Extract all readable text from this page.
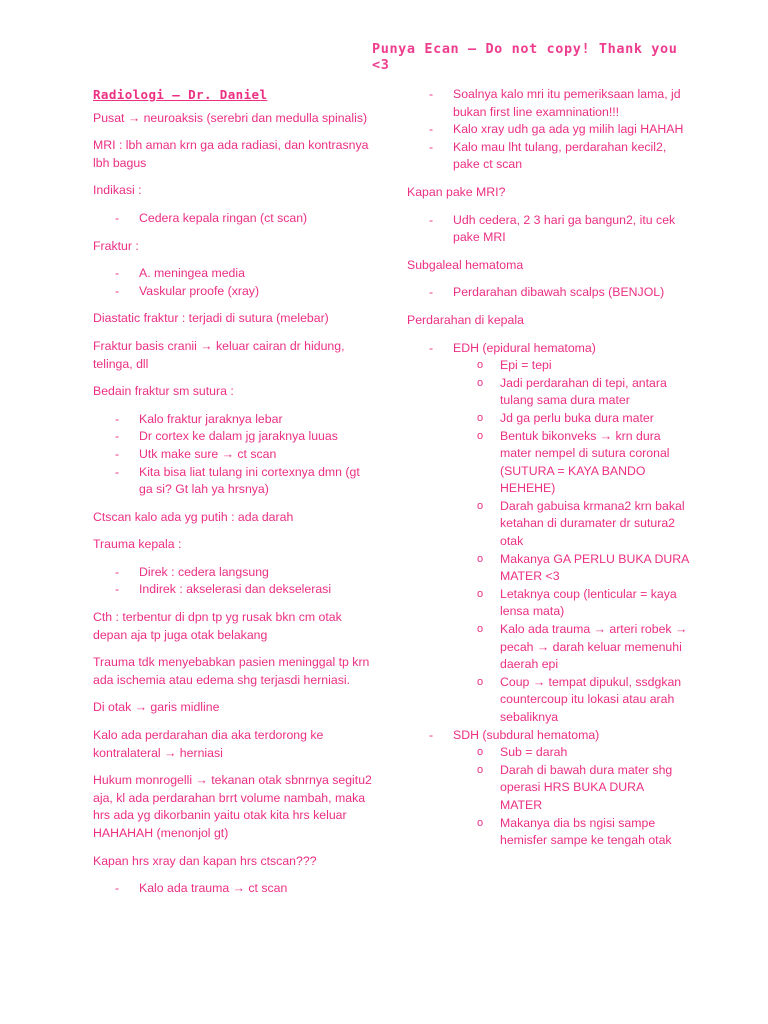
Punya Ecan – Do not copy! Thank you <3
Radiologi – Dr. Daniel

Pusat → neuroaksis (serebri dan medulla spinalis)

MRI : lbh aman krn ga ada radiasi, dan kontrasnya lbh bagus

Indikasi :

- Cedera kepala ringan (ct scan)

Fraktur :

- A. meningea media
- Vaskular proofe (xray)

Diastatic fraktur : terjadi di sutura (melebar)

Fraktur basis cranii → keluar cairan dr hidung, telinga, dll

Bedain fraktur sm sutura :

- Kalo fraktur jaraknya lebar
- Dr cortex ke dalam jg jaraknya luuas
- Utk make sure → ct scan
- Kita bisa liat tulang ini cortexnya dmn (gt ga si? Gt lah ya hrsnya)

Ctscan kalo ada yg putih : ada darah

Trauma kepala :

- Direk : cedera langsung
- Indirek : akselerasi dan dekselerasi

Cth : terbentur di dpn tp yg rusak bkn cm otak depan aja tp juga otak belakang

Trauma tdk menyebabkan pasien meninggal tp krn ada ischemia atau edema shg terjasdi herniasi.

Di otak → garis midline

Kalo ada perdarahan dia aka terdorong ke kontralateral → herniasi

Hukum monrogelli → tekanan otak sbnrnya segitu2 aja, kl ada perdarahan brrt volume nambah, maka hrs ada yg dikorbanin yaitu otak kita hrs keluar HAHAHAH (menonjol gt)

Kapan hrs xray dan kapan hrs ctscan???

- Kalo ada trauma → ct scan
- Soalnya kalo mri itu pemeriksaan lama, jd bukan first line examnination!!!
- Kalo xray udh ga ada yg milih lagi HAHAH
- Kalo mau lht tulang, perdarahan kecil2, pake ct scan

Kapan pake MRI?

- Udh cedera, 2 3 hari ga bangun2, itu cek pake MRI

Subgaleal hematoma

- Perdarahan dibawah scalps (BENJOL)

Perdarahan di kepala

- EDH (epidural hematoma)
o Epi = tepi
o Jadi perdarahan di tepi, antara tulang sama dura mater
o Jd ga perlu buka dura mater
o Bentuk bikonveks → krn dura mater nempel di sutura coronal (SUTURA = KAYA BANDO HEHEHE)
o Darah gabuisa krmana2 krn bakal ketahan di duramater dr sutura2 otak
o Makanya GA PERLU BUKA DURA MATER <3
o Letaknya coup (lenticular = kaya lensa mata)
o Kalo ada trauma → arteri robek → pecah → darah keluar memenuhi daerah epi
o Coup → tempat dipukul, ssdgkan countercoup itu lokasi atau arah sebaliknya
- SDH (subdural hematoma)
o Sub = darah
o Darah di bawah dura mater shg operasi HRS BUKA DURA MATER
o Makanya dia bs ngisi sampe hemisfer sampe ke tengah otak
